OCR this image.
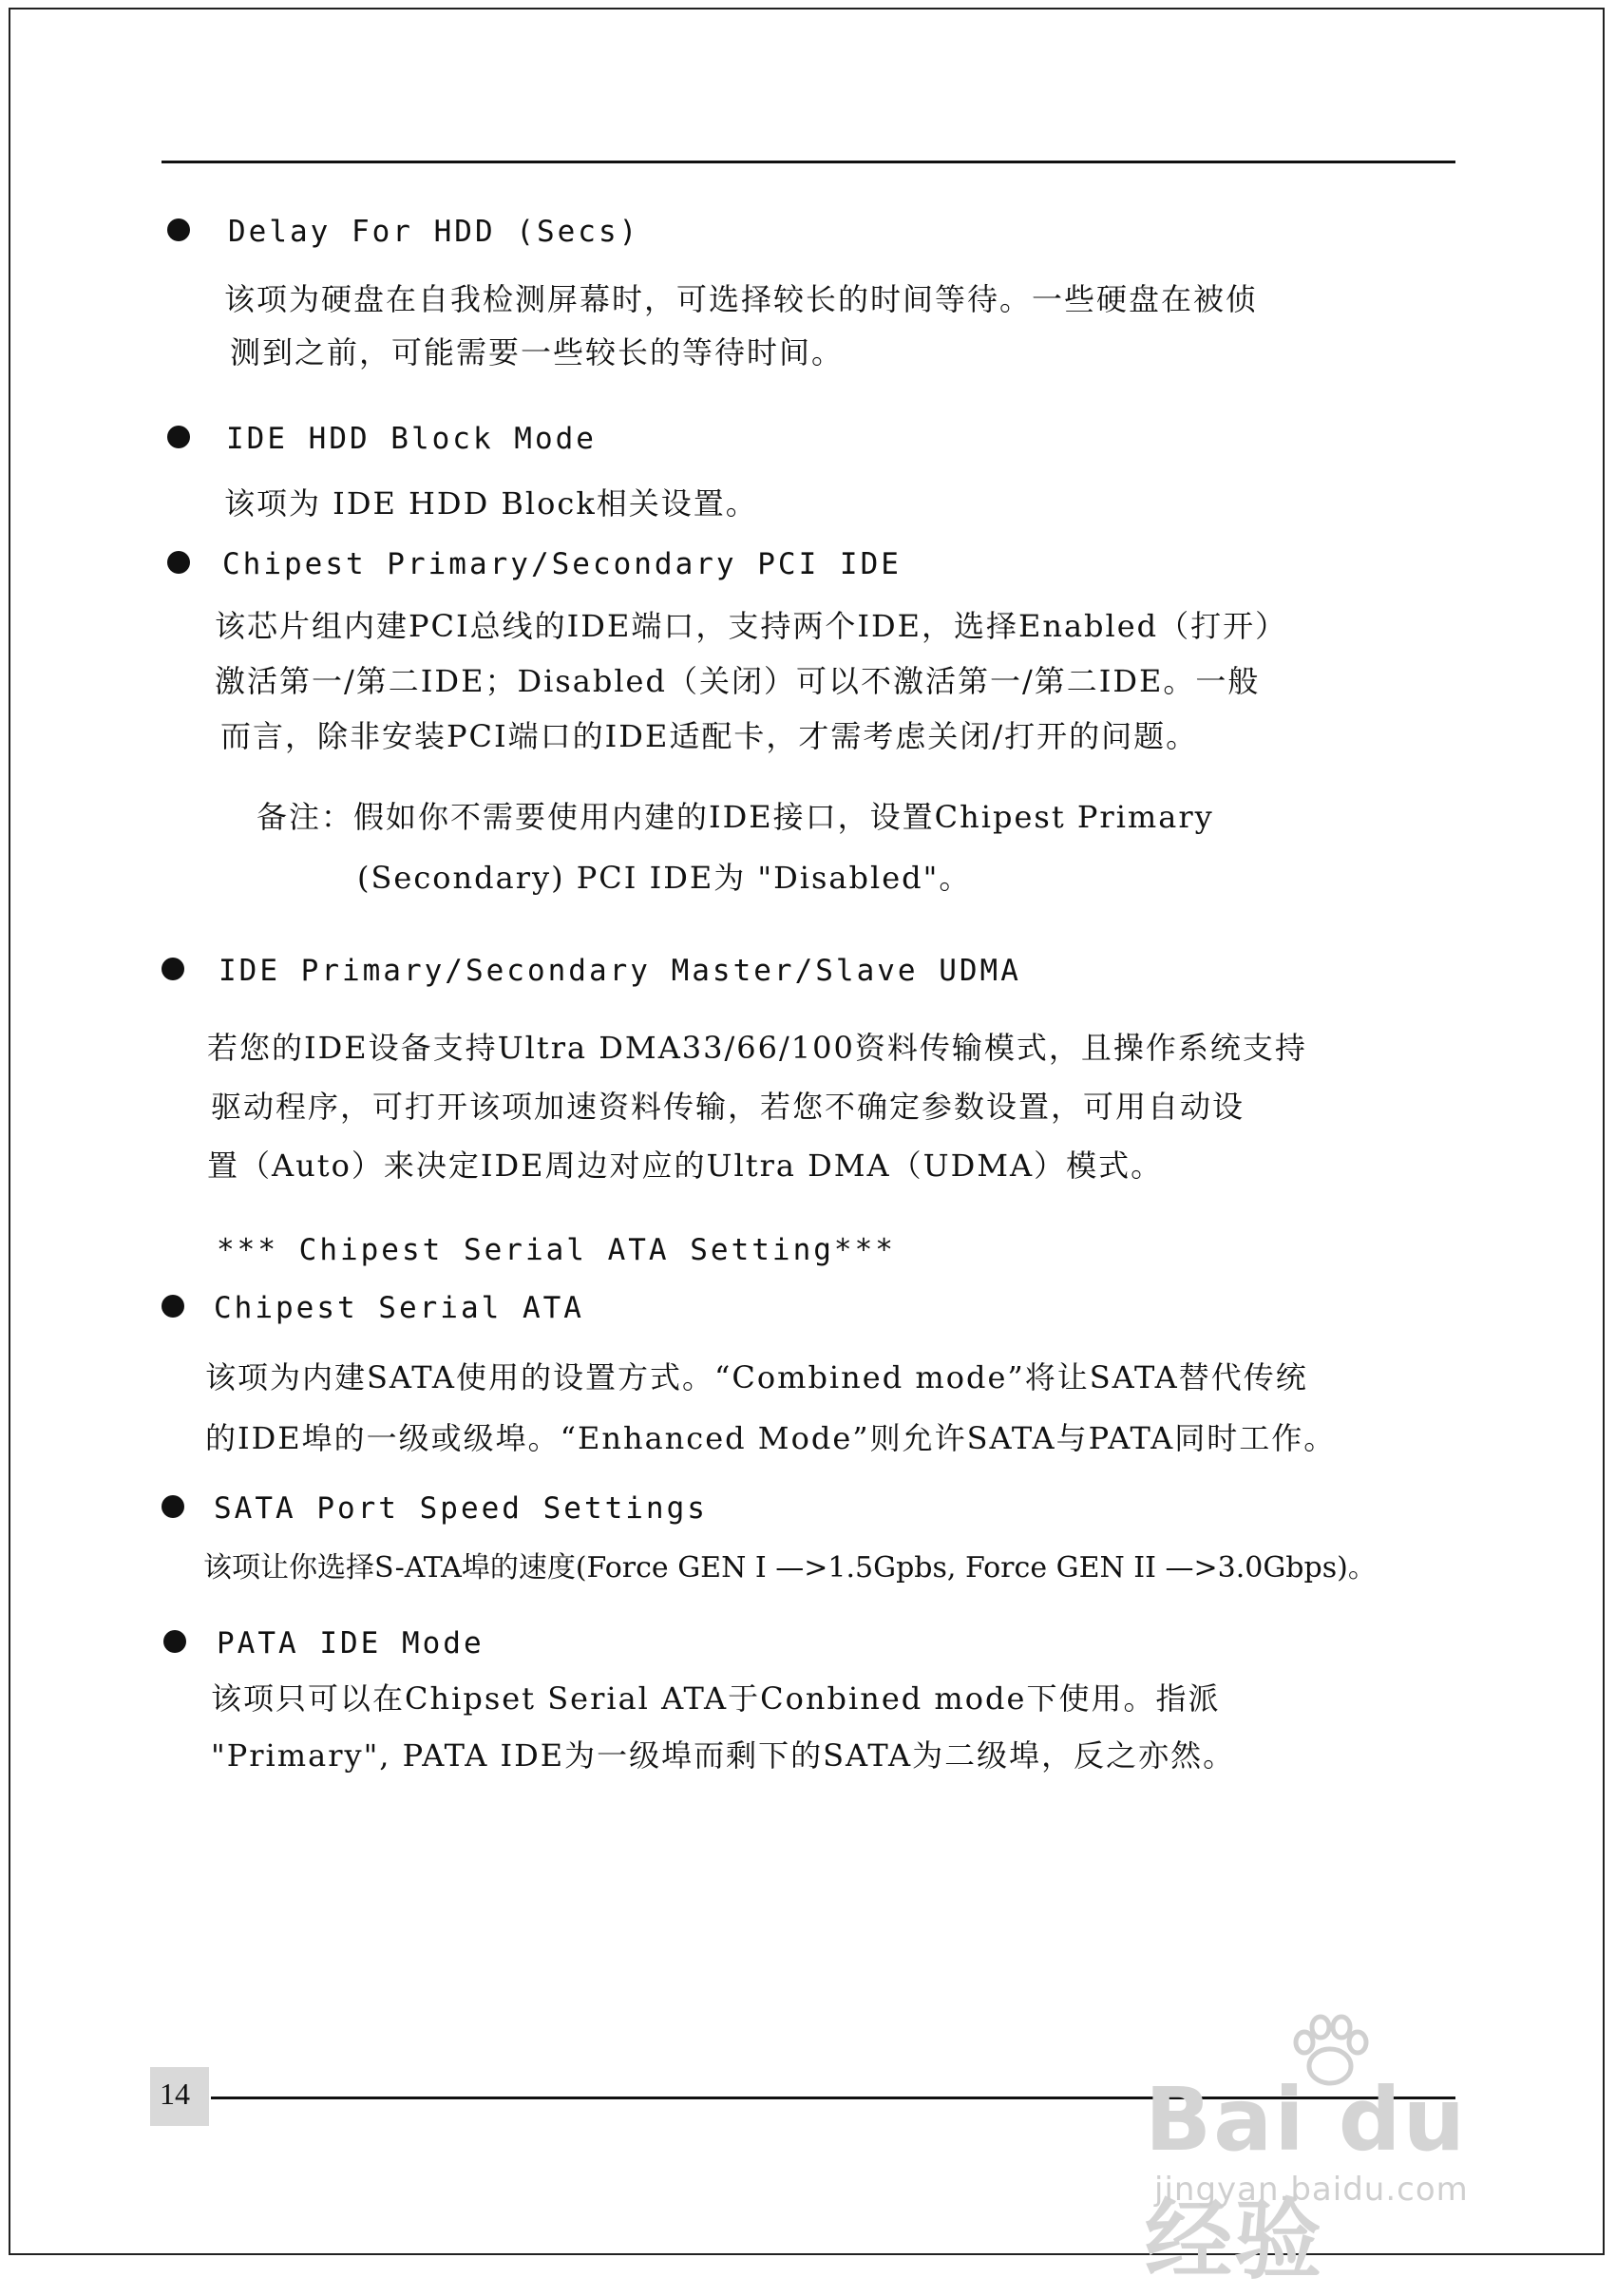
Delay For HDD (Secs)
该项为硬盘在自我检测屏幕时，可选择较长的时间等待。一些硬盘在被侦
测到之前，可能需要一些较长的等待时间。
IDE HDD Block Mode
该项为 IDE HDD Block相关设置。
Chipest Primary/Secondary PCI IDE
该芯片组内建PCI总线的IDE端口，支持两个IDE，选择Enabled（打开）
激活第一/第二IDE；Disabled（关闭）可以不激活第一/第二IDE。一般
而言，除非安装PCI端口的IDE适配卡，才需考虑关闭/打开的问题。
备注：假如你不需要使用内建的IDE接口，设置Chipest Primary
(Secondary) PCI IDE为 "Disabled"。
IDE Primary/Secondary Master/Slave UDMA
若您的IDE设备支持Ultra DMA33/66/100资料传输模式，且操作系统支持
驱动程序，可打开该项加速资料传输，若您不确定参数设置，可用自动设
置（Auto）来决定IDE周边对应的Ultra DMA（UDMA）模式。
*** Chipest Serial ATA Setting***
Chipest Serial ATA
该项为内建SATA使用的设置方式。“Combined mode”将让SATA替代传统
的IDE埠的一级或级埠。“Enhanced Mode”则允许SATA与PATA同时工作。
SATA Port Speed Settings
该项让你选择S-ATA埠的速度(Force GEN I —>1.5Gpbs, Force GEN II —>3.0Gbps)。
PATA IDE Mode
该项只可以在Chipset Serial ATA于Conbined mode下使用。指派
"Primary", PATA IDE为一级埠而剩下的SATA为二级埠，反之亦然。
14	Bai du 经验
jingyan.baidu.com
